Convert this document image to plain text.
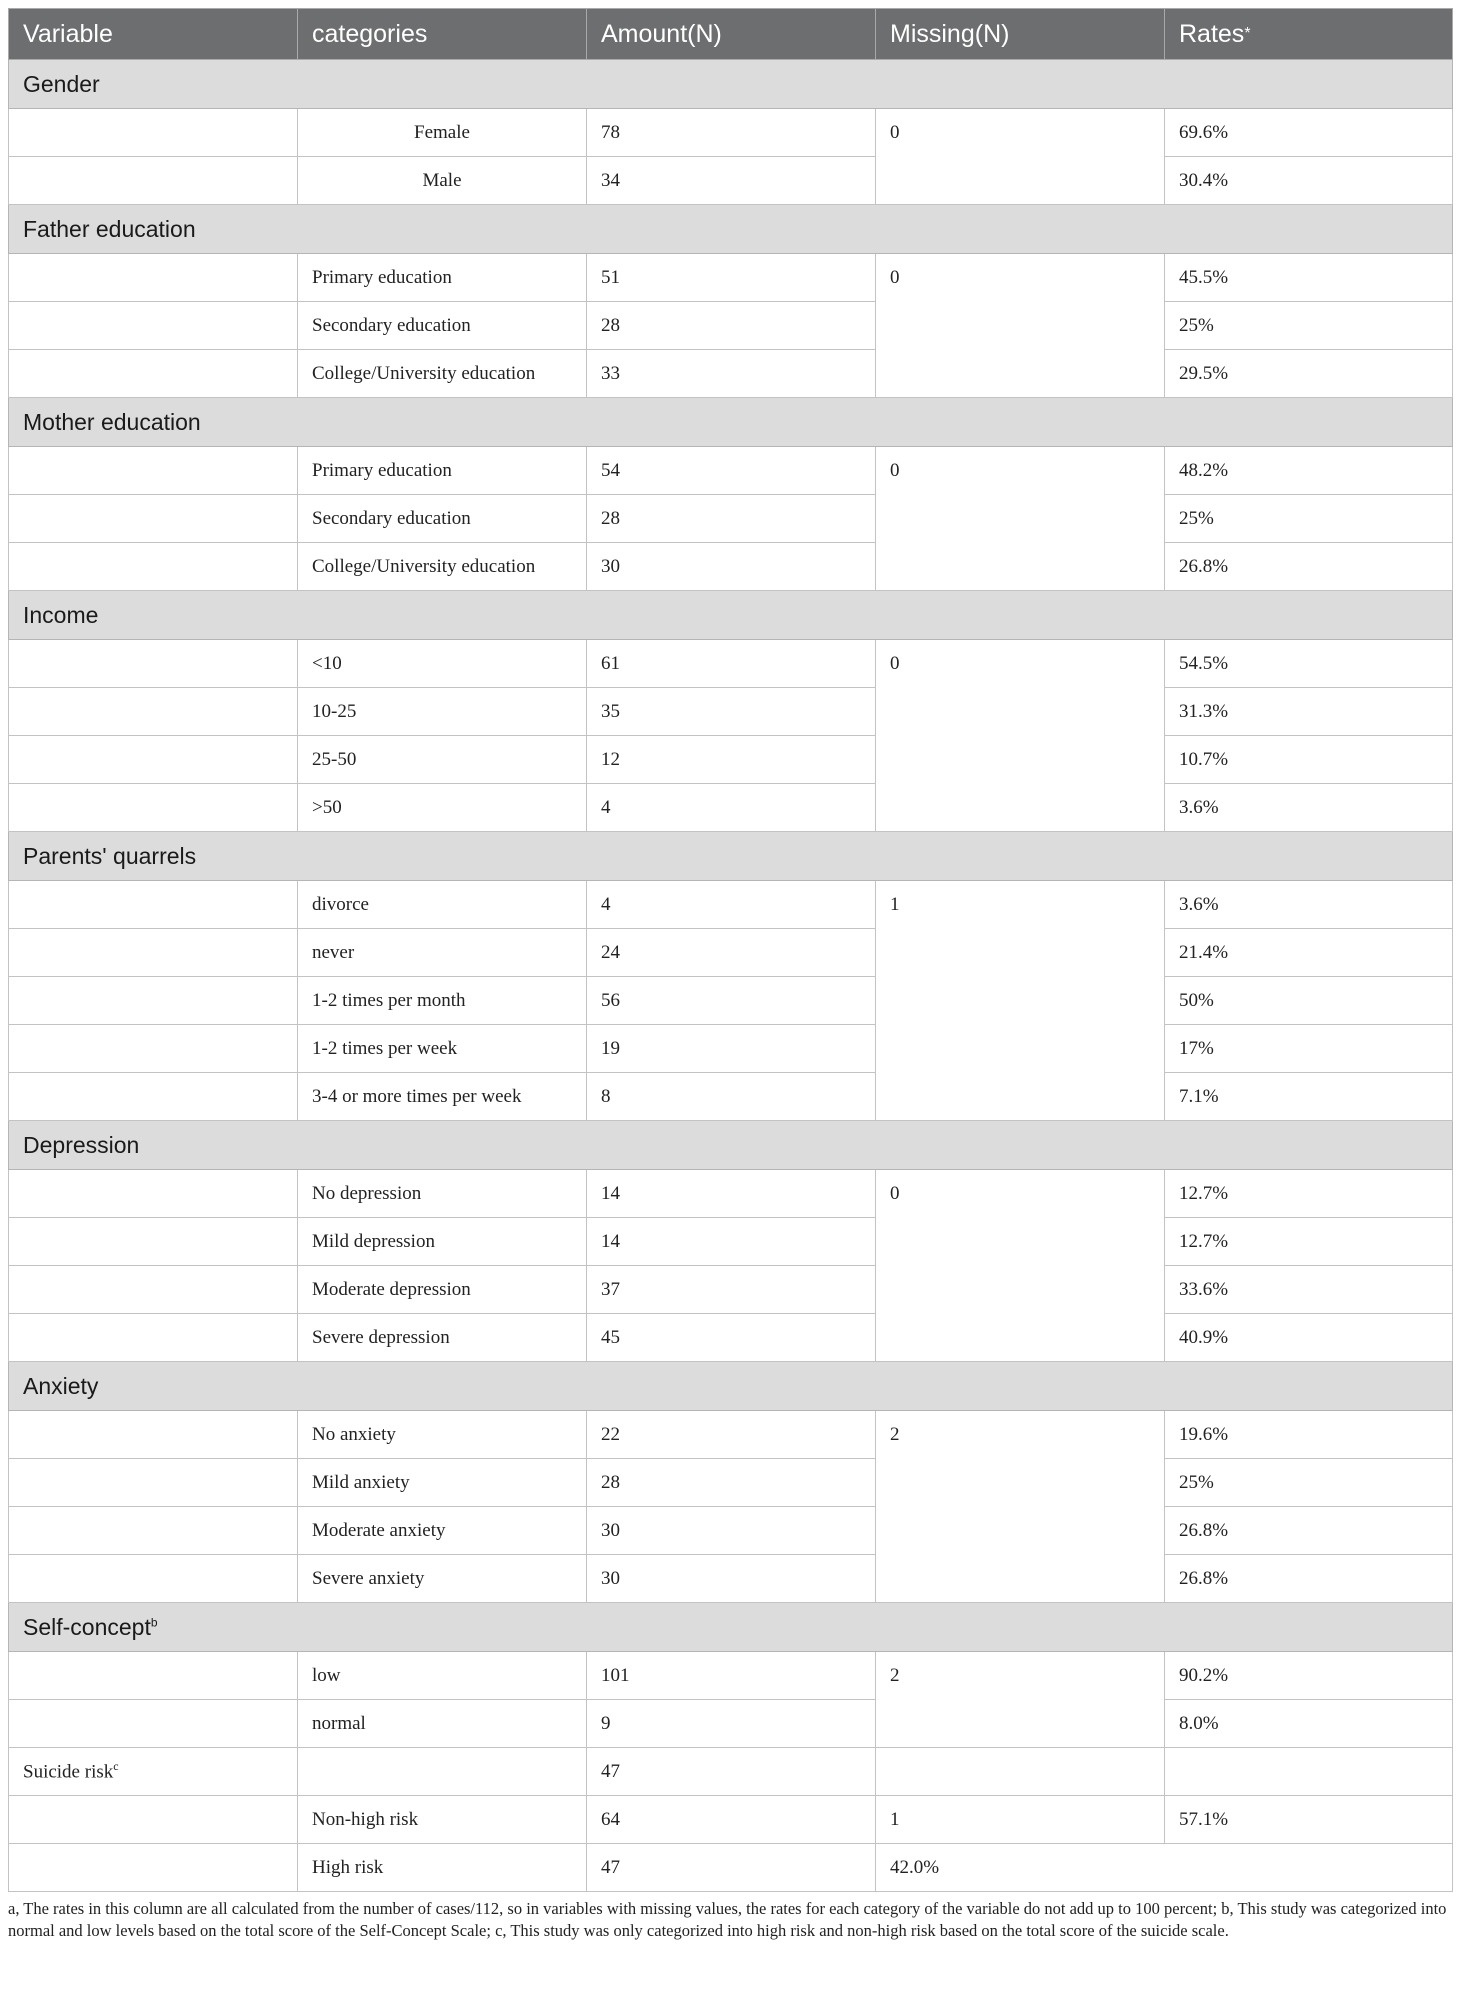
Variable	categories	Amount(N)	Missing(N)	Rates*
Gender				
	Female	78	0	69.6%
	Male	34		30.4%
Father education				
	Primary education	51	0	45.5%
	Secondary education	28		25%
	College/University education	33		29.5%
Mother education				
	Primary education	54	0	48.2%
	Secondary education	28		25%
	College/University education	30		26.8%
Income				
	<10	61	0	54.5%
	10-25	35		31.3%
	25-50	12		10.7%
	>50	4		3.6%
Parents' quarrels				
	divorce	4	1	3.6%
	never	24		21.4%
	1-2 times per month	56		50%
	1-2 times per week	19		17%
	3-4 or more times per week	8		7.1%
Depression				
	No depression	14	0	12.7%
	Mild depression	14		12.7%
	Moderate depression	37		33.6%
	Severe depression	45		40.9%
Anxiety				
	No anxiety	22	2	19.6%
	Mild anxiety	28		25%
	Moderate anxiety	30		26.8%
	Severe anxiety	30		26.8%
Self-concept$^b$
	low	101	2	90.2%
	normal	9		8.0%
Suicide risk$^c$		47		
	Non-high risk	64	1	57.1%
	High risk	47	42.0%	
a, The rates in this column are all calculated from the number of cases/112, so in variables with missing values, the rates for each category of the variable do not add up to 100 percent; b, This study was categorized into normal and low levels based on the total score of the Self-Concept Scale; c, This study was only categorized into high risk and non-high risk based on the total score of the suicide scale.
